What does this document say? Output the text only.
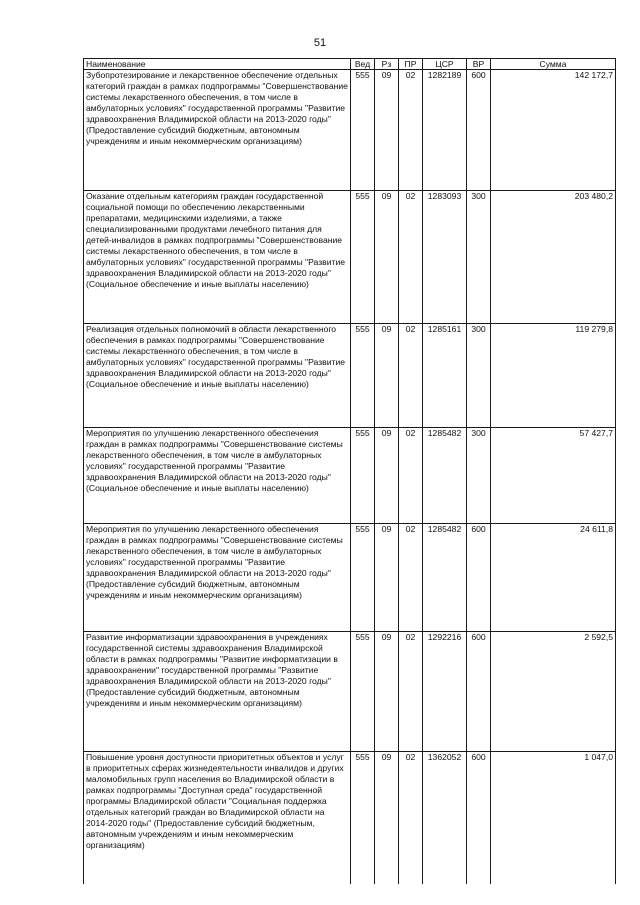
51
Наименование	Вед	Рз	ПР	ЦСР	ВР	Сумма
Зубопротезирование и лекарственное обеспечение отдельных категорий граждан в рамках подпрограммы "Совершенствование системы лекарственного обеспечения, в том числе в амбулаторных условиях" государственной программы "Развитие здравоохранения Владимирской области на 2013-2020 годы" (Предоставление субсидий бюджетным, автономным учреждениям и иным некоммерческим организациям)	555	09	02	1282189	600	142 172,7

Оказание отдельным категориям граждан государственной социальной помощи по обеспечению лекарственными препаратами, медицинскими изделиями, а также специализированными продуктами лечебного питания для детей-инвалидов в рамках подпрограммы "Совершенствование системы лекарственного обеспечения, в том числе в амбулаторных условиях" государственной программы "Развитие здравоохранения Владимирской области на 2013-2020 годы" (Социальное обеспечение и иные выплаты населению)	555	09	02	1283093	300	203 480,2

Реализация отдельных полномочий в области лекарственного обеспечения в рамках подпрограммы "Совершенствование системы лекарственного обеспечения, в том числе в амбулаторных условиях" государственной программы "Развитие здравоохранения Владимирской области на 2013-2020 годы" (Социальное обеспечение и иные выплаты населению)	555	09	02	1285161	300	119 279,8

Мероприятия по улучшению лекарственного обеспечения граждан в рамках подпрограммы "Совершенствование системы лекарственного обеспечения, в том числе в амбулаторных условиях" государственной программы "Развитие здравоохранения Владимирской области на 2013-2020 годы" (Социальное обеспечение и иные выплаты населению)	555	09	02	1285482	300	57 427,7

Мероприятия по улучшению лекарственного обеспечения граждан в рамках подпрограммы "Совершенствование системы лекарственного обеспечения, в том числе в амбулаторных условиях" государственной программы "Развитие здравоохранения Владимирской области на 2013-2020 годы" (Предоставление субсидий бюджетным, автономным учреждениям и иным некоммерческим организациям)	555	09	02	1285482	600	24 611,8

Развитие информатизации здравоохранения в учреждениях государственной системы здравоохранения Владимирской области в рамках подпрограммы "Развитие информатизации в здравоохранении" государственной программы "Развитие здравоохранения Владимирской области на 2013-2020 годы" (Предоставление субсидий бюджетным, автономным учреждениям и иным некоммерческим организациям)	555	09	02	1292216	600	2 592,5

Повышение уровня доступности приоритетных объектов и услуг в приоритетных сферах жизнедеятельности инвалидов и других маломобильных групп населения во Владимирской области в рамках подпрограммы "Доступная среда" государственной программы Владимирской области "Социальная поддержка отдельных категорий граждан во Владимирской области на 2014-2020 годы" (Предоставление субсидий бюджетным, автономным учреждениям и иным некоммерческим организациям)	555	09	02	1362052	600	1 047,0
